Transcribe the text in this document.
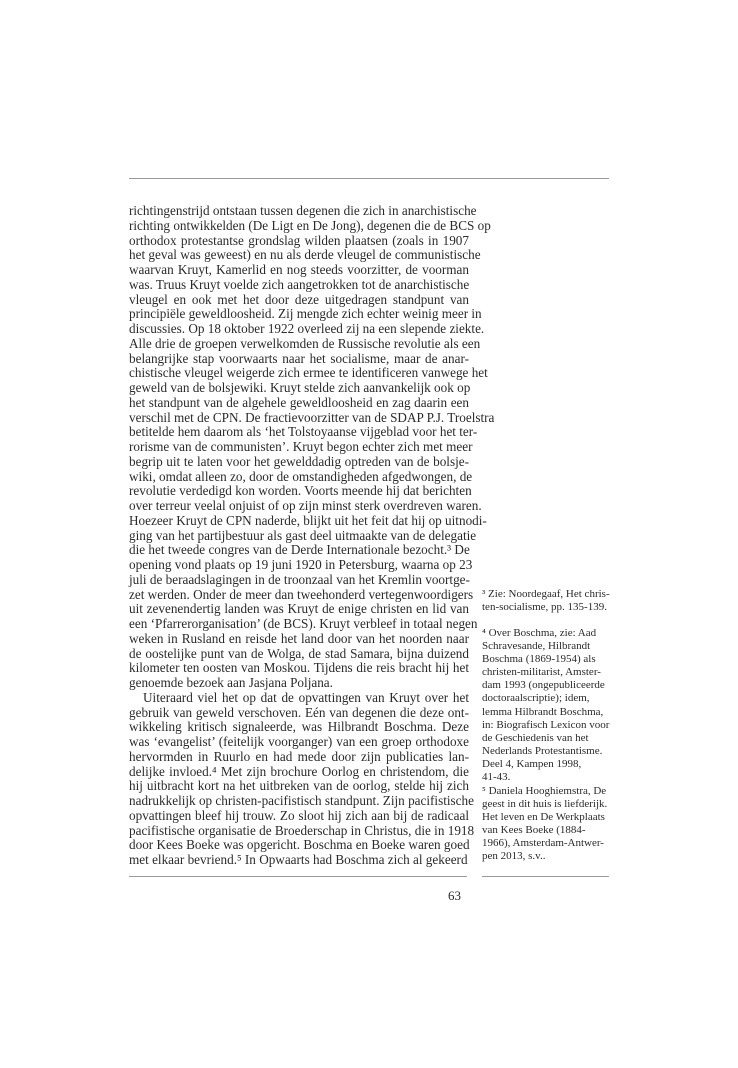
richtingenstrijd ontstaan tussen degenen die zich in anarchistische
richting ontwikkelden (De Ligt en De Jong), degenen die de BCS op
orthodox protestantse grondslag wilden plaatsen (zoals in 1907
het geval was geweest) en nu als derde vleugel de communistische
waarvan Kruyt, Kamerlid en nog steeds voorzitter, de voorman
was. Truus Kruyt voelde zich aangetrokken tot de anarchistische
vleugel en ook met het door deze uitgedragen standpunt van
principiële geweldloosheid. Zij mengde zich echter weinig meer in
discussies. Op 18 oktober 1922 overleed zij na een slepende ziekte.
Alle drie de groepen verwelkomden de Russische revolutie als een
belangrijke stap voorwaarts naar het socialisme, maar de anar-
chistische vleugel weigerde zich ermee te identificeren vanwege het
geweld van de bolsjewiki. Kruyt stelde zich aanvankelijk ook op
het standpunt van de algehele geweldloosheid en zag daarin een
verschil met de CPN. De fractievoorzitter van de SDAP P.J. Troelstra
betitelde hem daarom als ‘het Tolstoyaanse vijgeblad voor het ter-
rorisme van de communisten’. Kruyt begon echter zich met meer
begrip uit te laten voor het gewelddadig optreden van de bolsje-
wiki, omdat alleen zo, door de omstandigheden afgedwongen, de
revolutie verdedigd kon worden. Voorts meende hij dat berichten
over terreur veelal onjuist of op zijn minst sterk overdreven waren.
Hoezeer Kruyt de CPN naderde, blijkt uit het feit dat hij op uitnodi-
ging van het partijbestuur als gast deel uitmaakte van de delegatie
die het tweede congres van de Derde Internationale bezocht.³ De
opening vond plaats op 19 juni 1920 in Petersburg, waarna op 23
juli de beraadslagingen in de troonzaal van het Kremlin voortge-
zet werden. Onder de meer dan tweehonderd vertegenwoordigers
uit zevenendertig landen was Kruyt de enige christen en lid van
een ‘Pfarrerorganisation’ (de BCS). Kruyt verbleef in totaal negen
weken in Rusland en reisde het land door van het noorden naar
de oostelijke punt van de Wolga, de stad Samara, bijna duizend
kilometer ten oosten van Moskou. Tijdens die reis bracht hij het
genoemde bezoek aan Jasjana Poljana.
Uiteraard viel het op dat de opvattingen van Kruyt over het
gebruik van geweld verschoven. Eén van degenen die deze ont-
wikkeling kritisch signaleerde, was Hilbrandt Boschma. Deze
was ‘evangelist’ (feitelijk voorganger) van een groep orthodoxe
hervormden in Ruurlo en had mede door zijn publicaties lan-
delijke invloed.⁴ Met zijn brochure Oorlog en christendom, die
hij uitbracht kort na het uitbreken van de oorlog, stelde hij zich
nadrukkelijk op christen-pacifistisch standpunt. Zijn pacifistische
opvattingen bleef hij trouw. Zo sloot hij zich aan bij de radicaal
pacifistische organisatie de Broederschap in Christus, die in 1918
door Kees Boeke was opgericht. Boschma en Boeke waren goed
met elkaar bevriend.⁵ In Opwaarts had Boschma zich al gekeerd
³ Zie: Noordegaaf, Het chris-
ten-socialisme, pp. 135-139.
⁴ Over Boschma, zie: Aad
Schravesande, Hilbrandt
Boschma (1869-1954) als
christen-militarist, Amster-
dam 1993 (ongepubliceerde
doctoraalscriptie); idem,
lemma Hilbrandt Boschma,
in: Biografisch Lexicon voor
de Geschiedenis van het
Nederlands Protestantisme.
Deel 4, Kampen 1998,
41-43.
⁵ Daniela Hooghiemstra, De
geest in dit huis is liefderijk.
Het leven en De Werkplaats
van Kees Boeke (1884-
1966), Amsterdam-Antwer-
pen 2013, s.v..
63
